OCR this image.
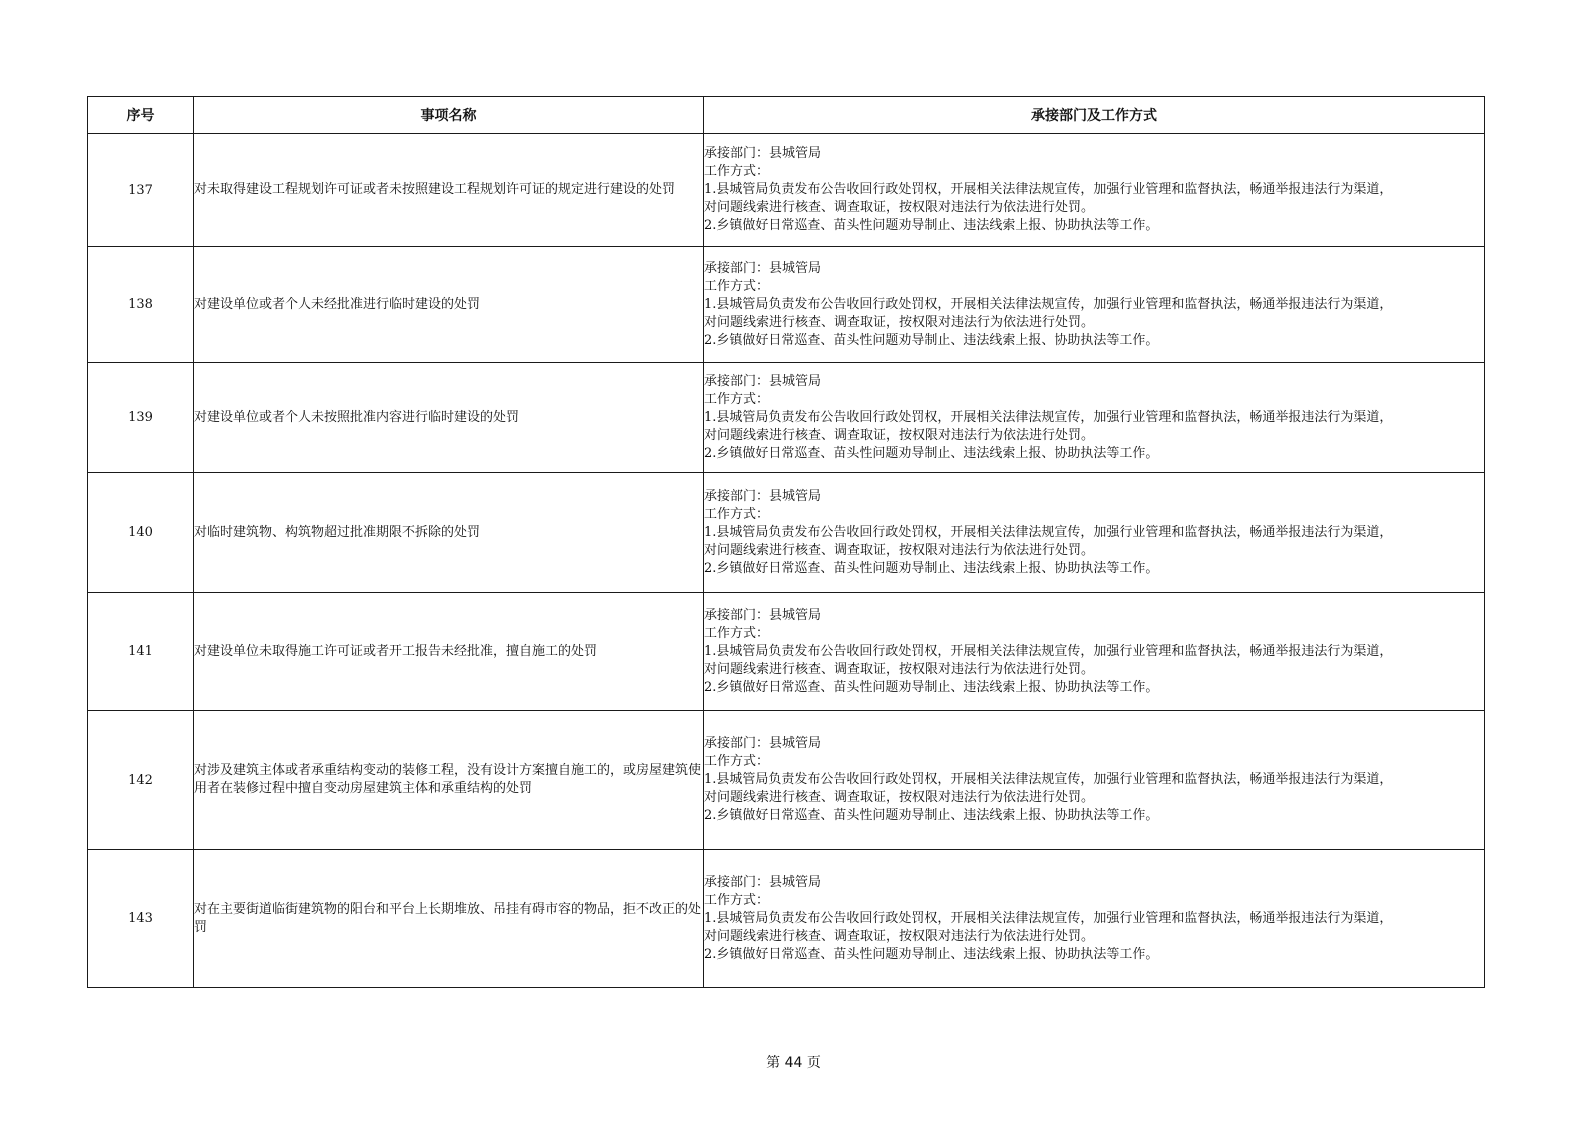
序号	事项名称	承接部门及工作方式
137	对未取得建设工程规划许可证或者未按照建设工程规划许可证的规定进行建设的处罚	承接部门：县城管局
工作方式：
1.县城管局负责发布公告收回行政处罚权，开展相关法律法规宣传，加强行业管理和监督执法，畅通举报违法行为渠道，
对问题线索进行核查、调查取证，按权限对违法行为依法进行处罚。
2.乡镇做好日常巡查、苗头性问题劝导制止、违法线索上报、协助执法等工作。

138	对建设单位或者个人未经批准进行临时建设的处罚	承接部门：县城管局
工作方式：
1.县城管局负责发布公告收回行政处罚权，开展相关法律法规宣传，加强行业管理和监督执法，畅通举报违法行为渠道，
对问题线索进行核查、调查取证，按权限对违法行为依法进行处罚。
2.乡镇做好日常巡查、苗头性问题劝导制止、违法线索上报、协助执法等工作。

139	对建设单位或者个人未按照批准内容进行临时建设的处罚	承接部门：县城管局
工作方式：
1.县城管局负责发布公告收回行政处罚权，开展相关法律法规宣传，加强行业管理和监督执法，畅通举报违法行为渠道，
对问题线索进行核查、调查取证，按权限对违法行为依法进行处罚。
2.乡镇做好日常巡查、苗头性问题劝导制止、违法线索上报、协助执法等工作。

140	对临时建筑物、构筑物超过批准期限不拆除的处罚	承接部门：县城管局
工作方式：
1.县城管局负责发布公告收回行政处罚权，开展相关法律法规宣传，加强行业管理和监督执法，畅通举报违法行为渠道，
对问题线索进行核查、调查取证，按权限对违法行为依法进行处罚。
2.乡镇做好日常巡查、苗头性问题劝导制止、违法线索上报、协助执法等工作。

141	对建设单位未取得施工许可证或者开工报告未经批准，擅自施工的处罚	承接部门：县城管局
工作方式：
1.县城管局负责发布公告收回行政处罚权，开展相关法律法规宣传，加强行业管理和监督执法，畅通举报违法行为渠道，
对问题线索进行核查、调查取证，按权限对违法行为依法进行处罚。
2.乡镇做好日常巡查、苗头性问题劝导制止、违法线索上报、协助执法等工作。

142	对涉及建筑主体或者承重结构变动的装修工程，没有设计方案擅自施工的，或房屋建筑使用者在装修过程中擅自变动房屋建筑主体和承重结构的处罚	承接部门：县城管局
工作方式：
1.县城管局负责发布公告收回行政处罚权，开展相关法律法规宣传，加强行业管理和监督执法，畅通举报违法行为渠道，
对问题线索进行核查、调查取证，按权限对违法行为依法进行处罚。
2.乡镇做好日常巡查、苗头性问题劝导制止、违法线索上报、协助执法等工作。

143	对在主要街道临街建筑物的阳台和平台上长期堆放、吊挂有碍市容的物品，拒不改正的处罚	承接部门：县城管局
工作方式：
1.县城管局负责发布公告收回行政处罚权，开展相关法律法规宣传，加强行业管理和监督执法，畅通举报违法行为渠道，
对问题线索进行核查、调查取证，按权限对违法行为依法进行处罚。
2.乡镇做好日常巡查、苗头性问题劝导制止、违法线索上报、协助执法等工作。
第 44 页
